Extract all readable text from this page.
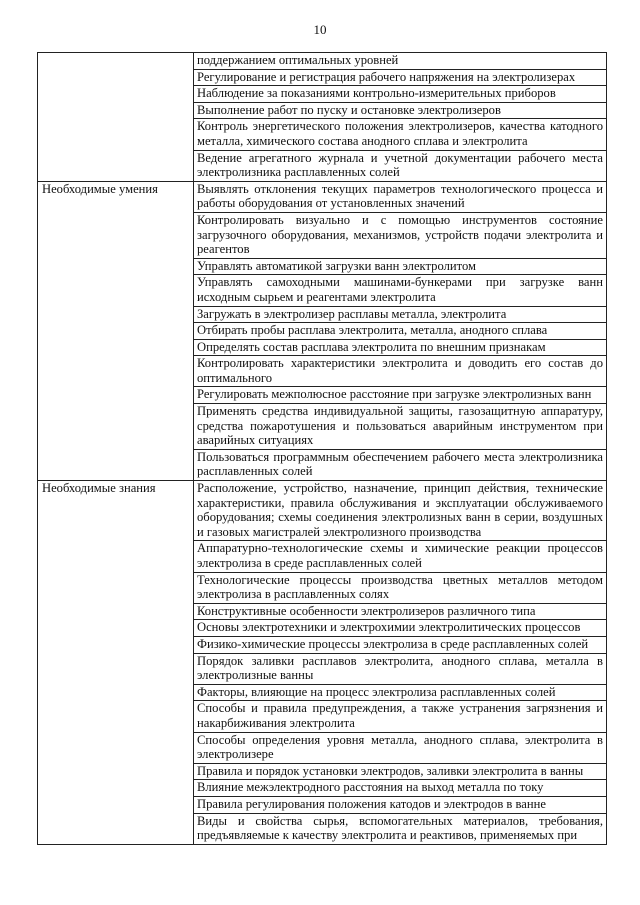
10
	поддержанием оптимальных уровней
	Регулирование и регистрация рабочего напряжения на электролизерах
	Наблюдение за показаниями контрольно-измерительных приборов
	Выполнение работ по пуску и остановке электролизеров
	Контроль энергетического положения электролизеров, качества катодного металла, химического состава анодного сплава и электролита
	Ведение агрегатного журнала и учетной документации рабочего места электролизника расплавленных солей
Необходимые умения	Выявлять отклонения текущих параметров технологического процесса и работы оборудования от установленных значений
	Контролировать визуально и с помощью инструментов состояние загрузочного оборудования, механизмов, устройств подачи электролита и реагентов
	Управлять автоматикой загрузки ванн электролитом
	Управлять самоходными машинами-бункерами при загрузке ванн исходным сырьем и реагентами электролита
	Загружать в электролизер расплавы металла, электролита
	Отбирать пробы расплава электролита, металла, анодного сплава
	Определять состав расплава электролита по внешним признакам
	Контролировать характеристики электролита и доводить его состав до оптимального
	Регулировать межполюсное расстояние при загрузке электролизных ванн
	Применять средства индивидуальной защиты, газозащитную аппаратуру, средства пожаротушения и пользоваться аварийным инструментом при аварийных ситуациях
	Пользоваться программным обеспечением рабочего места электролизника расплавленных солей
Необходимые знания	Расположение, устройство, назначение, принцип действия, технические характеристики, правила обслуживания и эксплуатации обслуживаемого оборудования; схемы соединения электролизных ванн в серии, воздушных и газовых магистралей электролизного производства
	Аппаратурно-технологические схемы и химические реакции процессов электролиза в среде расплавленных солей
	Технологические процессы производства цветных металлов методом электролиза в расплавленных солях
	Конструктивные особенности электролизеров различного типа
	Основы электротехники и электрохимии электролитических процессов
	Физико-химические процессы электролиза в среде расплавленных солей
	Порядок заливки расплавов электролита, анодного сплава, металла в электролизные ванны
	Факторы, влияющие на процесс электролиза расплавленных солей
	Способы и правила предупреждения, а также устранения загрязнения и накарбиживания электролита
	Способы определения уровня металла, анодного сплава, электролита в электролизере
	Правила и порядок установки электродов, заливки электролита в ванны
	Влияние межэлектродного расстояния на выход металла по току
	Правила регулирования положения катодов и электродов в ванне
	Виды и свойства сырья, вспомогательных материалов, требования, предъявляемые к качеству электролита и реактивов, применяемых при
